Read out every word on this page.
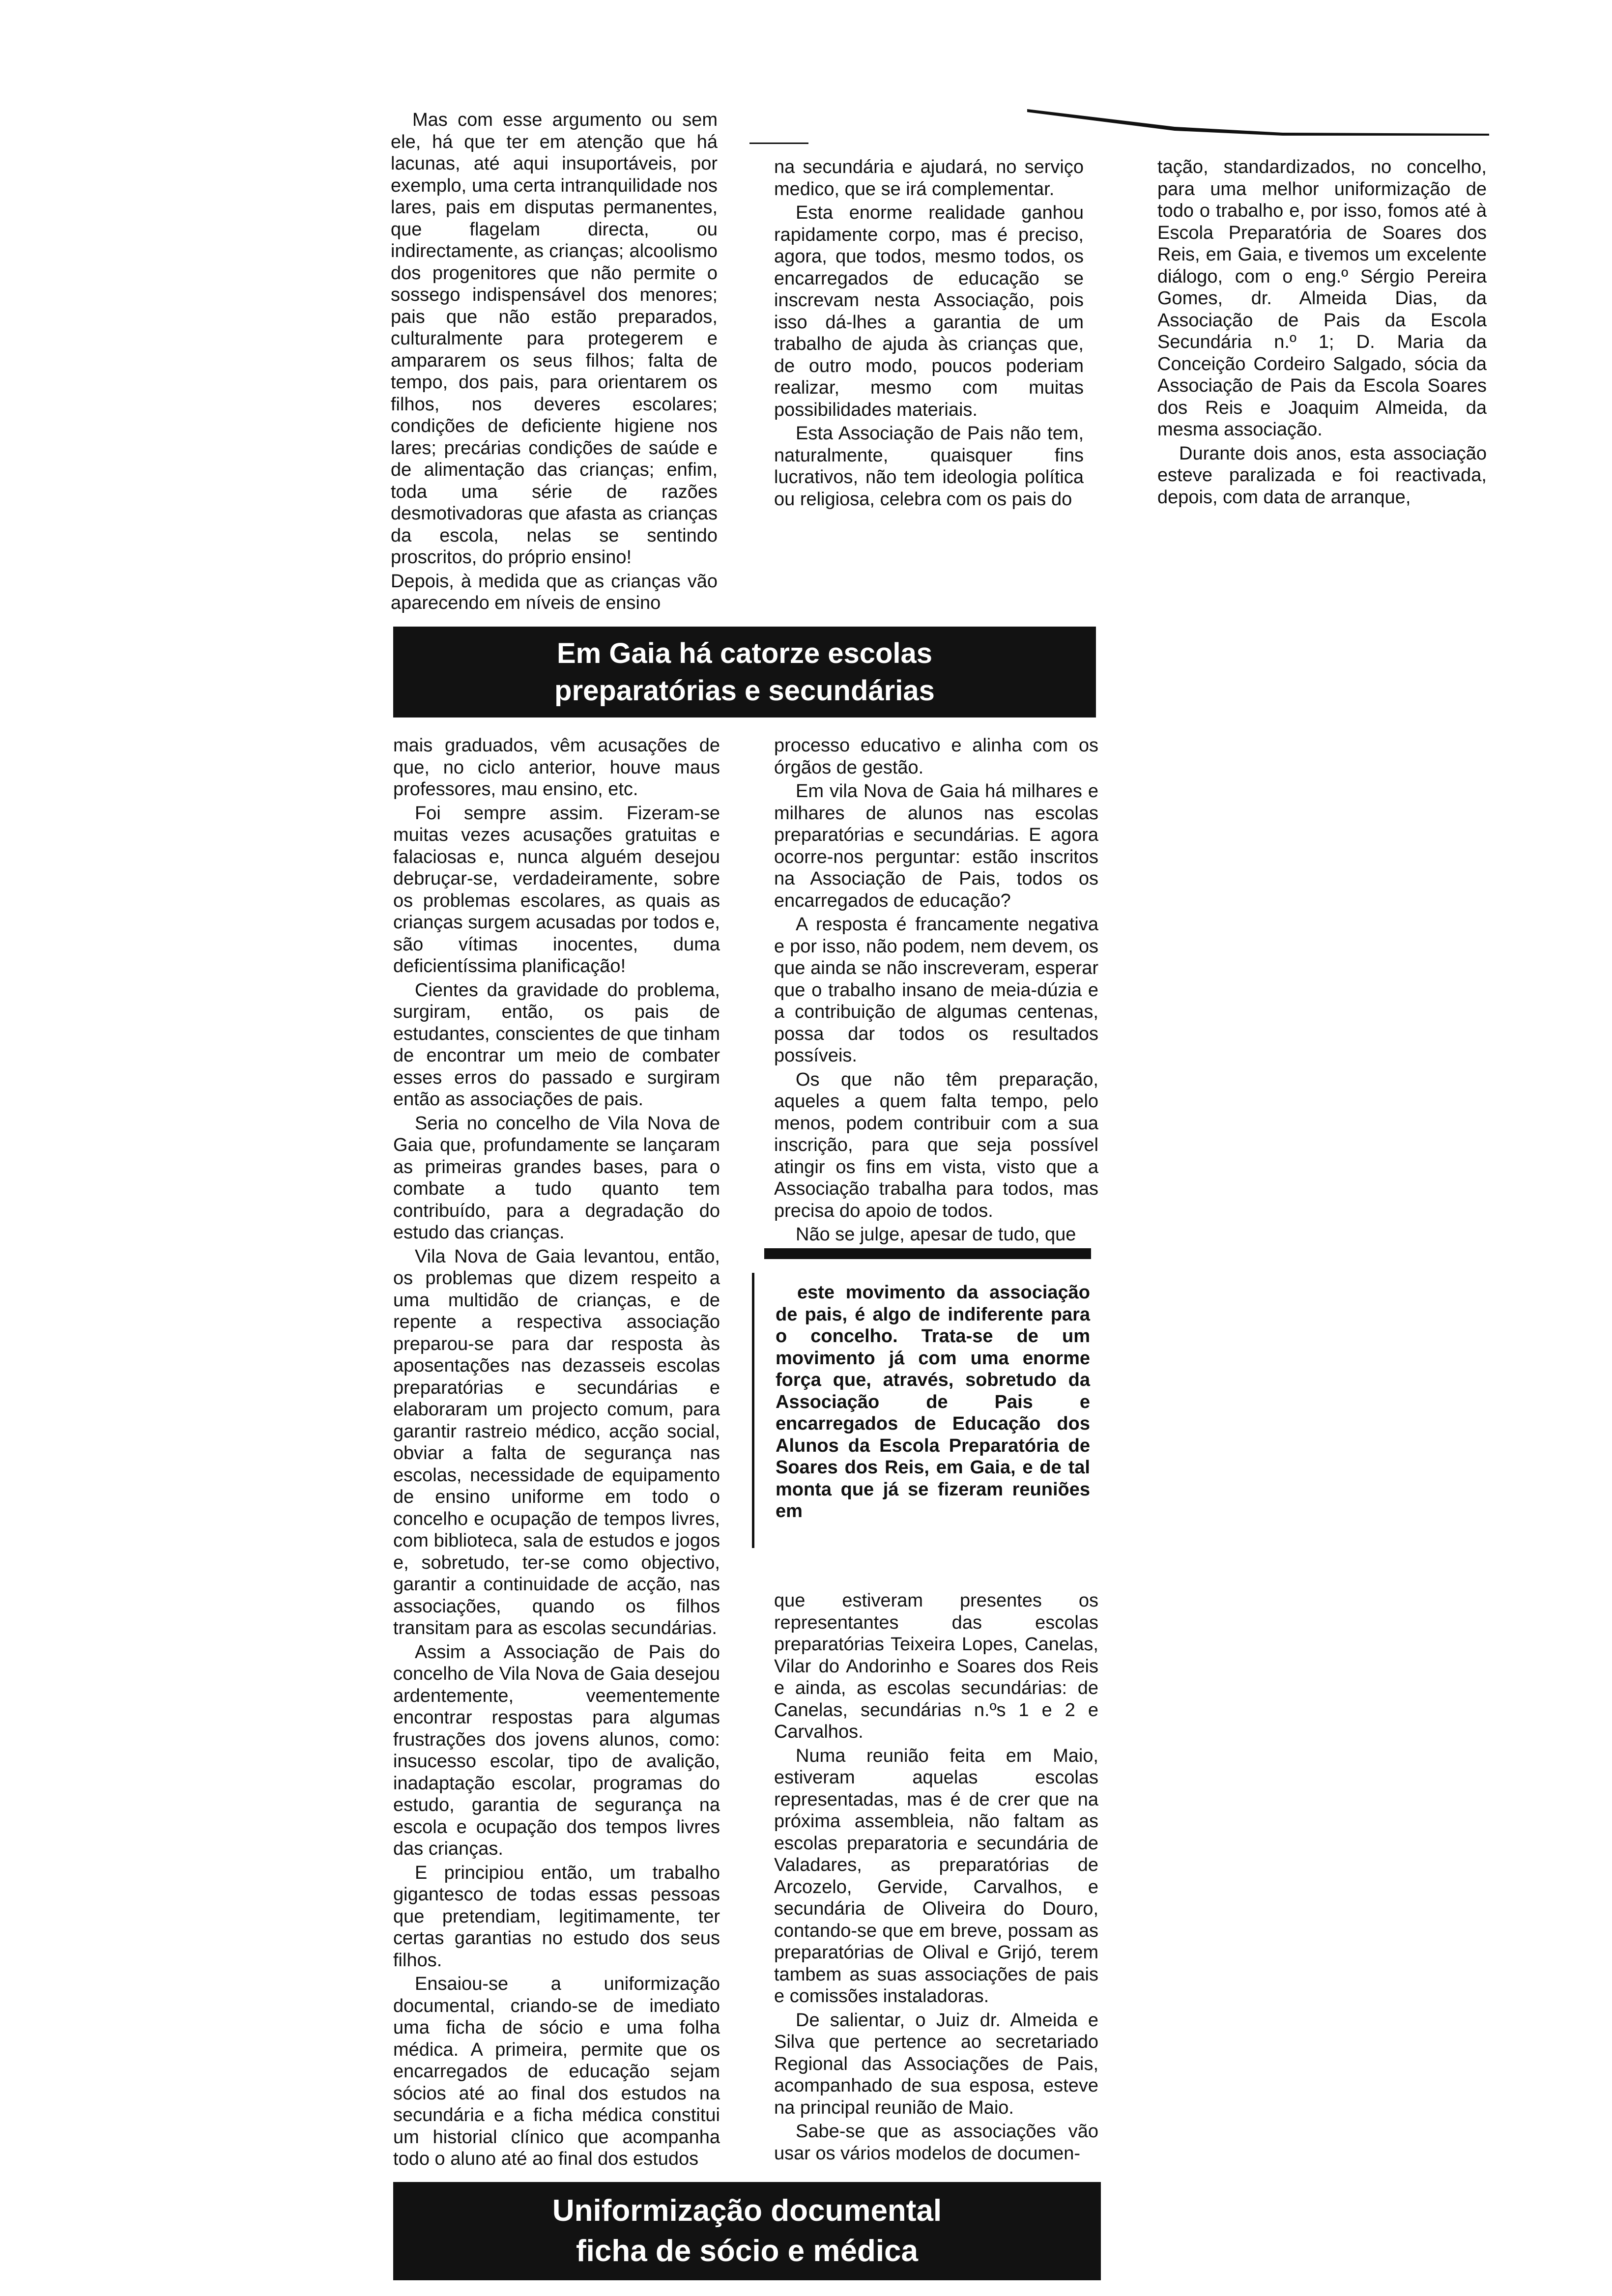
Mas com esse argumento ou sem ele, há que ter em atenção que há lacunas, até aqui insuportáveis, por exemplo, uma certa intranquilidade nos lares, pais em disputas permanentes, que flagelam directa, ou indirectamente, as crianças; alcoolismo dos progenitores que não permite o sossego indispensável dos menores; pais que não estão preparados, culturalmente para protegerem e ampararem os seus filhos; falta de tempo, dos pais, para orientarem os filhos, nos deveres escolares; condições de deficiente higiene nos lares; precárias condições de saúde e de alimentação das crianças; enfim, toda uma série de razões desmotivadoras que afasta as crianças da escola, nelas se sentindo proscritos, do próprio ensino!

Depois, à medida que as crianças vão aparecendo em níveis de ensino

na secundária e ajudará, no serviço medico, que se irá complementar.

Esta enorme realidade ganhou rapidamente corpo, mas é preciso, agora, que todos, mesmo todos, os encarregados de educação se inscrevam nesta Associação, pois isso dá-lhes a garantia de um trabalho de ajuda às crianças que, de outro modo, poucos poderiam realizar, mesmo com muitas possibilidades materiais.

Esta Associação de Pais não tem, naturalmente, quaisquer fins lucrativos, não tem ideologia política ou religiosa, celebra com os pais do

tação, standardizados, no concelho, para uma melhor uniformização de todo o trabalho e, por isso, fomos até à Escola Preparatória de Soares dos Reis, em Gaia, e tivemos um excelente diálogo, com o eng.º Sérgio Pereira Gomes, dr. Almeida Dias, da Associação de Pais da Escola Secundária n.º 1; D. Maria da Conceição Cordeiro Salgado, sócia da Associação de Pais da Escola Soares dos Reis e Joaquim Almeida, da mesma associação.

Durante dois anos, esta associação esteve paralizada e foi reactivada, depois, com data de arranque,

Em Gaia há catorze escolas
preparatórias e secundárias

mais graduados, vêm acusações de que, no ciclo anterior, houve maus professores, mau ensino, etc.

Foi sempre assim. Fizeram-se muitas vezes acusações gratuitas e falaciosas e, nunca alguém desejou debruçar-se, verdadeiramente, sobre os problemas escolares, as quais as crianças surgem acusadas por todos e, são vítimas inocentes, duma deficientíssima planificação!

Cientes da gravidade do problema, surgiram, então, os pais de estudantes, conscientes de que tinham de encontrar um meio de combater esses erros do passado e surgiram então as associações de pais.

Seria no concelho de Vila Nova de Gaia que, profundamente se lançaram as primeiras grandes bases, para o combate a tudo quanto tem contribuído, para a degradação do estudo das crianças.

Vila Nova de Gaia levantou, então, os problemas que dizem respeito a uma multidão de crianças, e de repente a respectiva associação preparou-se para dar resposta às aposentações nas dezasseis escolas preparatórias e secundárias e elaboraram um projecto comum, para garantir rastreio médico, acção social, obviar a falta de segurança nas escolas, necessidade de equipamento de ensino uniforme em todo o concelho e ocupação de tempos livres, com biblioteca, sala de estudos e jogos e, sobretudo, ter-se como objectivo, garantir a continuidade de acção, nas associações, quando os filhos transitam para as escolas secundárias.

Assim a Associação de Pais do concelho de Vila Nova de Gaia desejou ardentemente, veementemente encontrar respostas para algumas frustrações dos jovens alunos, como: insucesso escolar, tipo de avalição, inadaptação escolar, programas do estudo, garantia de segurança na escola e ocupação dos tempos livres das crianças.

E principiou então, um trabalho gigantesco de todas essas pessoas que pretendiam, legitimamente, ter certas garantias no estudo dos seus filhos.

Ensaiou-se a uniformização documental, criando-se de imediato uma ficha de sócio e uma folha médica. A primeira, permite que os encarregados de educação sejam sócios até ao final dos estudos na secundária e a ficha médica constitui um historial clínico que acompanha todo o aluno até ao final dos estudos

processo educativo e alinha com os órgãos de gestão.

Em vila Nova de Gaia há milhares e milhares de alunos nas escolas preparatórias e secundárias. E agora ocorre-nos perguntar: estão inscritos na Associação de Pais, todos os encarregados de educação?

A resposta é francamente negativa e por isso, não podem, nem devem, os que ainda se não inscreveram, esperar que o trabalho insano de meia-dúzia e a contribuição de algumas centenas, possa dar todos os resultados possíveis.

Os que não têm preparação, aqueles a quem falta tempo, pelo menos, podem contribuir com a sua inscrição, para que seja possível atingir os fins em vista, visto que a Associação trabalha para todos, mas precisa do apoio de todos.

Não se julge, apesar de tudo, que

este movimento da associação de pais, é algo de indiferente para o concelho. Trata-se de um movimento já com uma enorme força que, através, sobretudo da Associação de Pais e encarregados de Educação dos Alunos da Escola Preparatória de Soares dos Reis, em Gaia, e de tal monta que já se fizeram reuniões em

que estiveram presentes os representantes das escolas preparatórias Teixeira Lopes, Canelas, Vilar do Andorinho e Soares dos Reis e ainda, as escolas secundárias: de Canelas, secundárias n.ºs 1 e 2 e Carvalhos.

Numa reunião feita em Maio, estiveram aquelas escolas representadas, mas é de crer que na próxima assembleia, não faltam as escolas preparatoria e secundária de Valadares, as preparatórias de Arcozelo, Gervide, Carvalhos, e secundária de Oliveira do Douro, contando-se que em breve, possam as preparatórias de Olival e Grijó, terem tambem as suas associações de pais e comissões instaladoras.

De salientar, o Juiz dr. Almeida e Silva que pertence ao secretariado Regional das Associações de Pais, acompanhado de sua esposa, esteve na principal reunião de Maio.

Sabe-se que as associações vão usar os vários modelos de documen-

Uniformização documental
ficha de sócio e médica
